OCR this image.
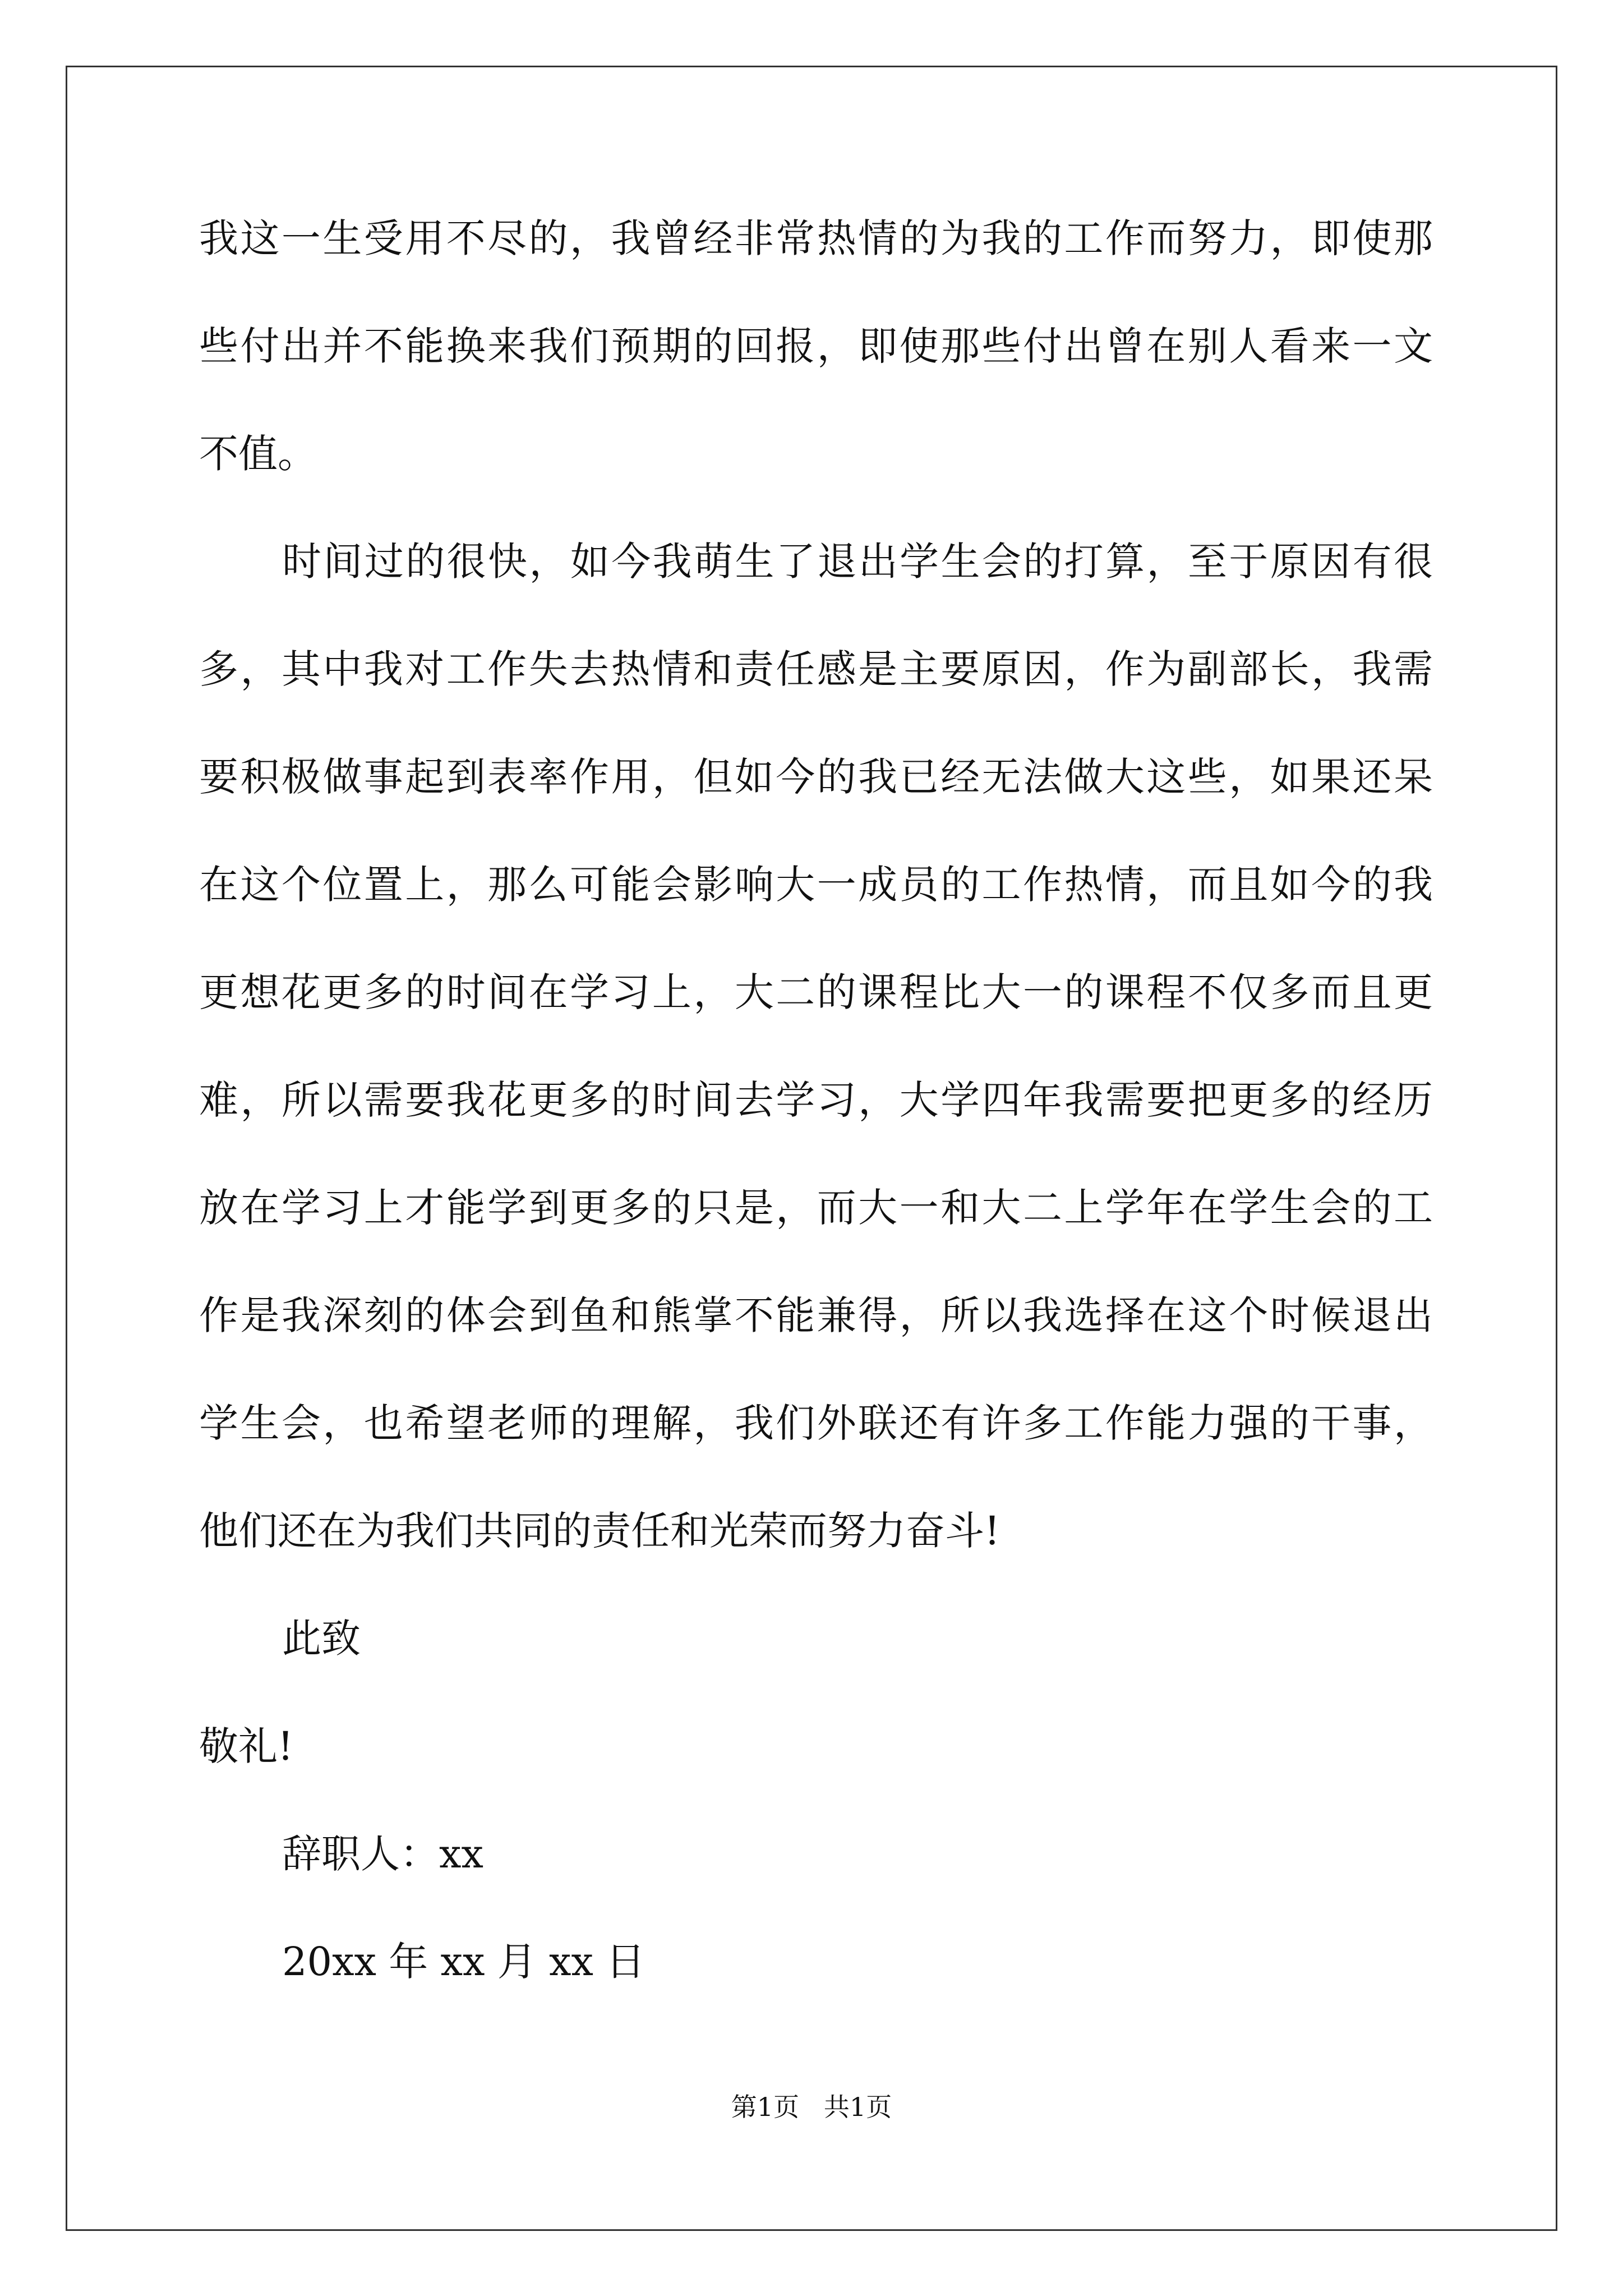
我这一生受用不尽的，我曾经非常热情的为我的工作而努力，即使那
些付出并不能换来我们预期的回报，即使那些付出曾在别人看来一文
不值。
时间过的很快，如今我萌生了退出学生会的打算，至于原因有很
多，其中我对工作失去热情和责任感是主要原因，作为副部长，我需
要积极做事起到表率作用，但如今的我已经无法做大这些，如果还呆
在这个位置上，那么可能会影响大一成员的工作热情，而且如今的我
更想花更多的时间在学习上，大二的课程比大一的课程不仅多而且更
难，所以需要我花更多的时间去学习，大学四年我需要把更多的经历
放在学习上才能学到更多的只是，而大一和大二上学年在学生会的工
作是我深刻的体会到鱼和熊掌不能兼得，所以我选择在这个时候退出
学生会，也希望老师的理解，我们外联还有许多工作能力强的干事，
他们还在为我们共同的责任和光荣而努力奋斗!
此致
敬礼!
辞职人：xx
20xx 年 xx 月 xx 日
第1页   共1页
